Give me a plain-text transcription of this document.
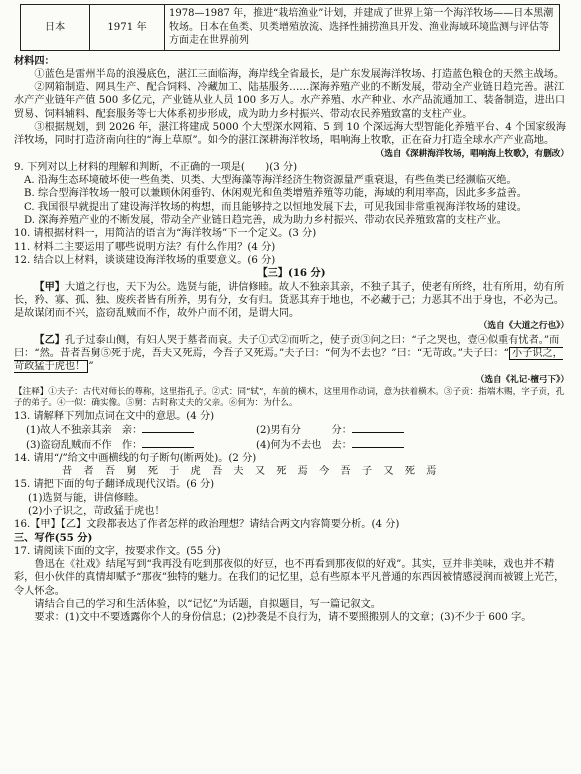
日本	1971 年	1978—1987 年，推进“栽培渔业”计划，并建成了世界上第一个海洋牧场——日本黑潮牧场。日本在鱼类、贝类增殖放流、选择性捕捞渔具开发、渔业海域环境监测与评估等方面走在世界前列
材料四：
①蓝色是雷州半岛的浪漫底色，湛江三面临海，海岸线全省最长，是广东发展海洋牧场、打造蓝色粮仓的天然主战场。
②网箱制造、网具生产、配合饲料、冷藏加工、陆基服务……深海养殖产业的不断发展，带动全产业链日趋完善。湛江水产产业链年产值 500 多亿元，产业链从业人员 100 多万人。水产养殖、水产种业、水产品流通加工、装备制造，进出口贸易、饲料辅料、配套服务等七大体系初步形成，成为助力乡村振兴、带动农民养殖致富的支柱产业。
③根据规划，到 2026 年，湛江将建成 5000 个大型深水网箱、5 到 10 个深远海大型智能化养殖平台、4 个国家级海洋牧场，同时打造济南向往的“海上草原”。如今的湛江深耕海洋牧场，唱响海上牧歌，正在奋力打造全球水产产业高地。
（选自《深耕海洋牧场，唱响海上牧歌》，有删改）
9. 下列对以上材料的理解和判断，不正确的一项是(　　)(3 分)
A. 沿海生态环境破坏使一些鱼类、贝类、大型海藻等海洋经济生物资源量严重衰退，有些鱼类已经濒临灭绝。
B. 综合型海洋牧场一般可以兼顾休闲垂钓、休闲观光和鱼类增殖养殖等功能，海域的利用率高，因此多多益善。
C. 我国很早就提出了建设海洋牧场的构想，而且能够持之以恒地发展下去，可见我国非常重视海洋牧场的建设。
D. 深海养殖产业的不断发展，带动全产业链日趋完善，成为助力乡村振兴、带动农民养殖致富的支柱产业。
10. 请根据材料一，用简洁的语言为“海洋牧场”下一个定义。(3 分)
11. 材料二主要运用了哪些说明方法？有什么作用？(4 分)
12. 结合以上材料，谈谈建设海洋牧场的重要意义。(6 分)
【三】(16 分)
【甲】大道之行也，天下为公。选贤与能，讲信修睦。故人不独亲其亲，不独子其子，使老有所终，壮有所用，幼有所长，矜、寡、孤、独、废疾者皆有所养，男有分，女有归。货恶其弃于地也，不必藏于己；力恶其不出于身也，不必为己。是故谋闭而不兴，盗窃乱贼而不作，故外户而不闭，是谓大同。
（选自《大道之行也》）
【乙】孔子过泰山侧，有妇人哭于墓者而哀。夫子①式②而听之，使子贡③问之曰：“子之哭也，壹④似重有忧者。”而曰：“然。昔者吾舅⑤死于虎，吾夫又死焉，今吾子又死焉。”夫子曰：“何为不去也？”曰：“无苛政。”夫子曰：“ 小子识之，苛政猛于虎也！ ”
（选自《礼记·檀弓下》）
【注释】①夫子：古代对师长的尊称，这里指孔子。②式：同“轼”，车前的横木，这里用作动词，意为扶着横木。③子贡：指端木赐，字子贡，孔子的弟子。④一似：确实像。⑤舅：古时称丈夫的父亲。⑥何为：为什么。
13. 请解释下列加点词在文中的意思。(4 分)
(1)故人不独亲其亲　亲：	(2)男有分　　　分：
(3)盗窃乱贼而不作　作：	(4)何为不去也　去：
14. 请用“/”给文中画横线的句子断句(断两处)。(2 分)
昔 者 吾 舅 死 于 虎 吾 夫 又 死 焉 今 吾 子 又 死 焉
15. 请把下面的句子翻译成现代汉语。(6 分)
(1)选贤与能，讲信修睦。
(2)小子识之，苛政猛于虎也！
16.【甲】【乙】文段都表达了作者怎样的政治理想？请结合两文内容简要分析。(4 分)
三、写作(55 分)
17. 请阅读下面的文字，按要求作文。(55 分)
鲁迅在《社戏》结尾写到“我再没有吃到那夜似的好豆，也不再看到那夜似的好戏”。其实，豆并非美味，戏也并不精彩，但小伙伴的真情却赋予“那夜”独特的魅力。在我们的记忆里，总有些原本平凡普通的东西因被情感浸润而被镀上光芒，令人怀念。
请结合自己的学习和生活体验，以“记忆”为话题，自拟题目，写一篇记叙文。
要求：(1)文中不要透露你个人的身份信息；(2)抄袭是不良行为，请不要照搬别人的文章；(3)不少于 600 字。
